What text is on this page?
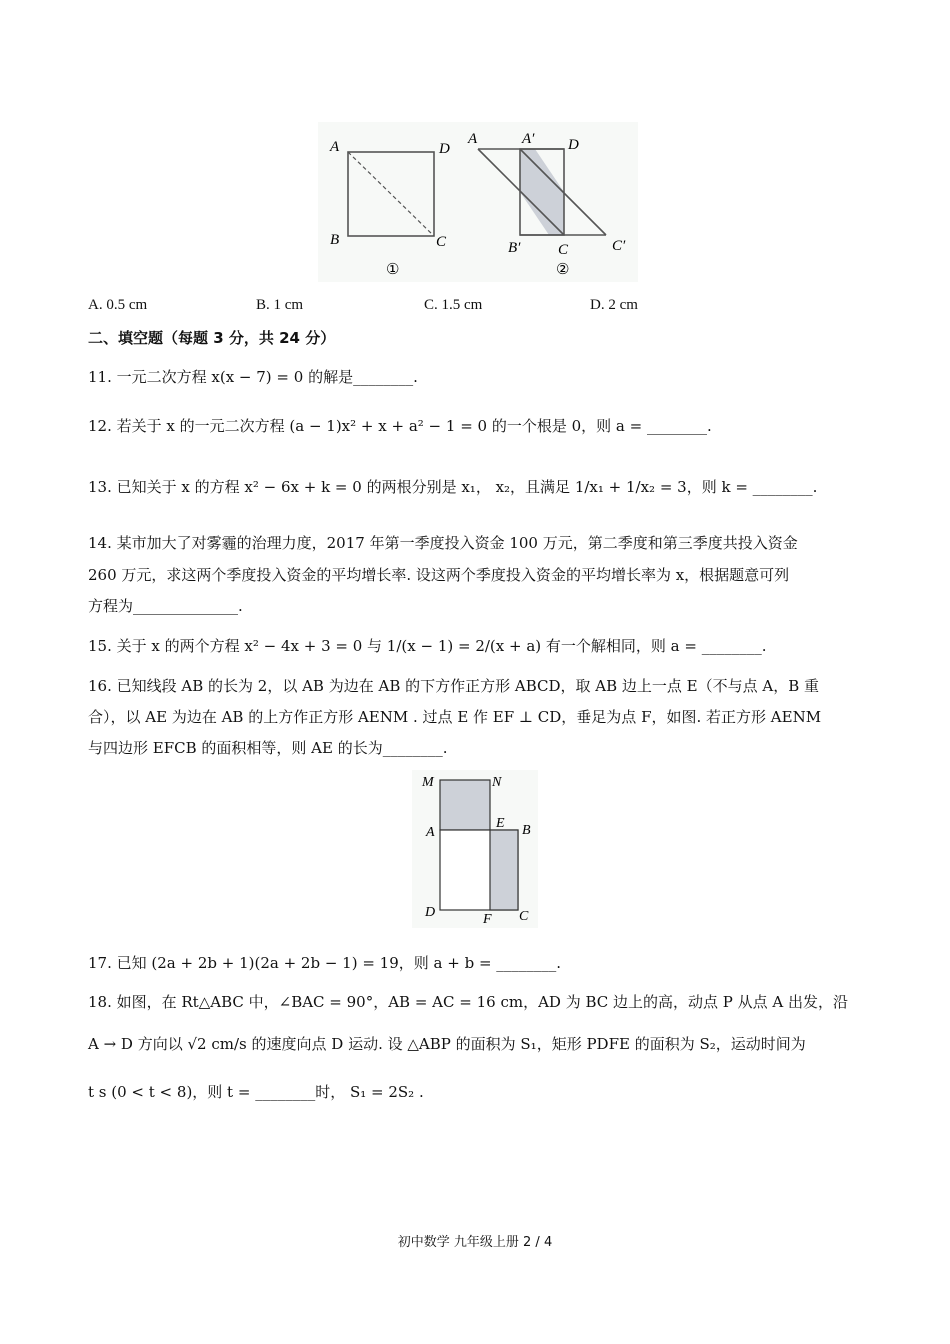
A	D
B	C
①
A	A′ D
B′	C	C′
②
A. 0.5 cm	B. 1 cm	C. 1.5 cm	D. 2 cm
二、填空题（每题 3 分，共 24 分）
11. 一元二次方程 x(x − 7) = 0 的解是________.
12. 若关于 x 的一元二次方程 (a − 1)x² + x + a² − 1 = 0 的一个根是 0，则 a = ________.
13. 已知关于 x 的方程 x² − 6x + k = 0 的两根分别是 x₁， x₂，且满足 1/x₁ + 1/x₂ = 3，则 k = ________.
14. 某市加大了对雾霾的治理力度，2017 年第一季度投入资金 100 万元，第二季度和第三季度共投入资金
260 万元，求这两个季度投入资金的平均增长率. 设这两个季度投入资金的平均增长率为 x，根据题意可列
方程为______________.
15. 关于 x 的两个方程 x² − 4x + 3 = 0 与 1/(x − 1) = 2/(x + a) 有一个解相同，则 a = ________.
16. 已知线段 AB 的长为 2，以 AB 为边在 AB 的下方作正方形 ABCD，取 AB 边上一点 E（不与点 A，B 重
合），以 AE 为边在 AB 的上方作正方形 AENM . 过点 E 作 EF ⊥ CD，垂足为点 F，如图. 若正方形 AENM
与四边形 EFCB 的面积相等，则 AE 的长为________.
M	N
A
E B
D	F C
17. 已知 (2a + 2b + 1)(2a + 2b − 1) = 19，则 a + b = ________.
18. 如图，在 Rt△ABC 中，∠BAC = 90°，AB = AC = 16 cm，AD 为 BC 边上的高，动点 P 从点 A 出发，沿
A → D 方向以 √2 cm/s 的速度向点 D 运动. 设 △ABP 的面积为 S₁，矩形 PDFE 的面积为 S₂，运动时间为
t s (0 < t < 8)，则 t = ________时， S₁ = 2S₂ .
初中数学 九年级上册 2 / 4
